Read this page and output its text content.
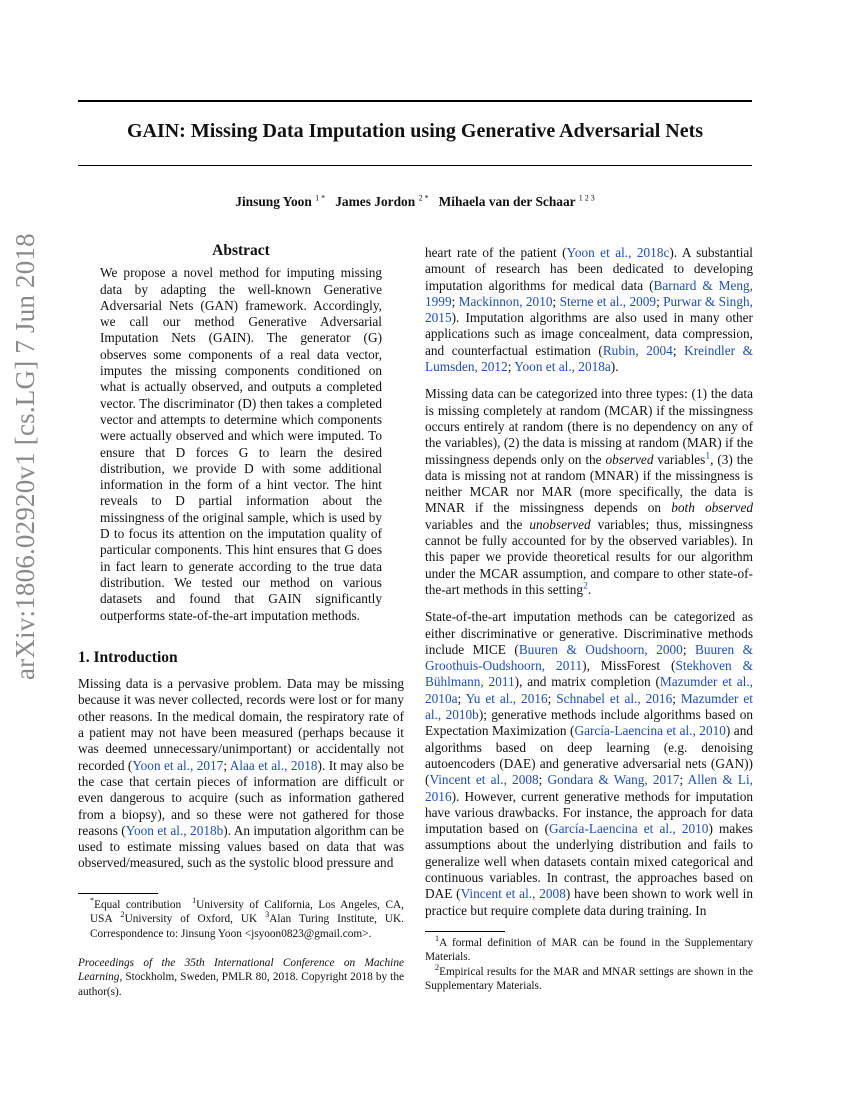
arXiv:1806.02920v1 [cs.LG] 7 Jun 2018
GAIN: Missing Data Imputation using Generative Adversarial Nets
Jinsung Yoon $^{1 *}$ James Jordon $^{2 *}$ Mihaela van der Schaar $^{1 2 3}$
Abstract
We propose a novel method for imputing missing data by adapting the well-known Generative Adversarial Nets (GAN) framework. Accordingly, we call our method Generative Adversarial Imputation Nets (GAIN). The generator (G) observes some components of a real data vector, imputes the missing components conditioned on what is actually observed, and outputs a completed vector. The discriminator (D) then takes a completed vector and attempts to determine which components were actually observed and which were imputed. To ensure that D forces G to learn the desired distribution, we provide D with some additional information in the form of a hint vector. The hint reveals to D partial information about the missingness of the original sample, which is used by D to focus its attention on the imputation quality of particular components. This hint ensures that G does in fact learn to generate according to the true data distribution. We tested our method on various datasets and found that GAIN significantly outperforms state-of-the-art imputation methods.
1. Introduction

Missing data is a pervasive problem. Data may be missing because it was never collected, records were lost or for many other reasons. In the medical domain, the respiratory rate of a patient may not have been measured (perhaps because it was deemed unnecessary/unimportant) or accidentally not recorded (Yoon et al., 2017; Alaa et al., 2018). It may also be the case that certain pieces of information are difficult or even dangerous to acquire (such as information gathered from a biopsy), and so these were not gathered for those reasons (Yoon et al., 2018b). An imputation algorithm can be used to estimate missing values based on data that was observed/measured, such as the systolic blood pressure and

heart rate of the patient (Yoon et al., 2018c). A substantial amount of research has been dedicated to developing imputation algorithms for medical data (Barnard & Meng, 1999; Mackinnon, 2010; Sterne et al., 2009; Purwar & Singh, 2015). Imputation algorithms are also used in many other applications such as image concealment, data compression, and counterfactual estimation (Rubin, 2004; Kreindler & Lumsden, 2012; Yoon et al., 2018a).

Missing data can be categorized into three types: (1) the data is missing completely at random (MCAR) if the missingness occurs entirely at random (there is no dependency on any of the variables), (2) the data is missing at random (MAR) if the missingness depends only on the observed variables$^1$, (3) the data is missing not at random (MNAR) if the missingness is neither MCAR nor MAR (more specifically, the data is MNAR if the missingness depends on both observed variables and the unobserved variables; thus, missingness cannot be fully accounted for by the observed variables). In this paper we provide theoretical results for our algorithm under the MCAR assumption, and compare to other state-of-the-art methods in this setting$^2$.

State-of-the-art imputation methods can be categorized as either discriminative or generative. Discriminative methods include MICE (Buuren & Oudshoorn, 2000; Buuren & Groothuis-Oudshoorn, 2011), MissForest (Stekhoven & Bühlmann, 2011), and matrix completion (Mazumder et al., 2010a; Yu et al., 2016; Schnabel et al., 2016; Mazumder et al., 2010b); generative methods include algorithms based on Expectation Maximization (García-Laencina et al., 2010) and algorithms based on deep learning (e.g. denoising autoencoders (DAE) and generative adversarial nets (GAN)) (Vincent et al., 2008; Gondara & Wang, 2017; Allen & Li, 2016). However, current generative methods for imputation have various drawbacks. For instance, the approach for data imputation based on (García-Laencina et al., 2010) makes assumptions about the underlying distribution and fails to generalize well when datasets contain mixed categorical and continuous variables. In contrast, the approaches based on DAE (Vincent et al., 2008) have been shown to work well in practice but require complete data during training. In

*Equal contribution $^1$University of California, Los Angeles, CA, USA $^2$University of Oxford, UK $^3$Alan Turing Institute, UK. Correspondence to: Jinsung Yoon <jsyoon0823@gmail.com>.
Proceedings of the 35th International Conference on Machine Learning, Stockholm, Sweden, PMLR 80, 2018. Copyright 2018 by the author(s).
$^1$A formal definition of MAR can be found in the Supplementary Materials.
$^2$Empirical results for the MAR and MNAR settings are shown in the Supplementary Materials.
